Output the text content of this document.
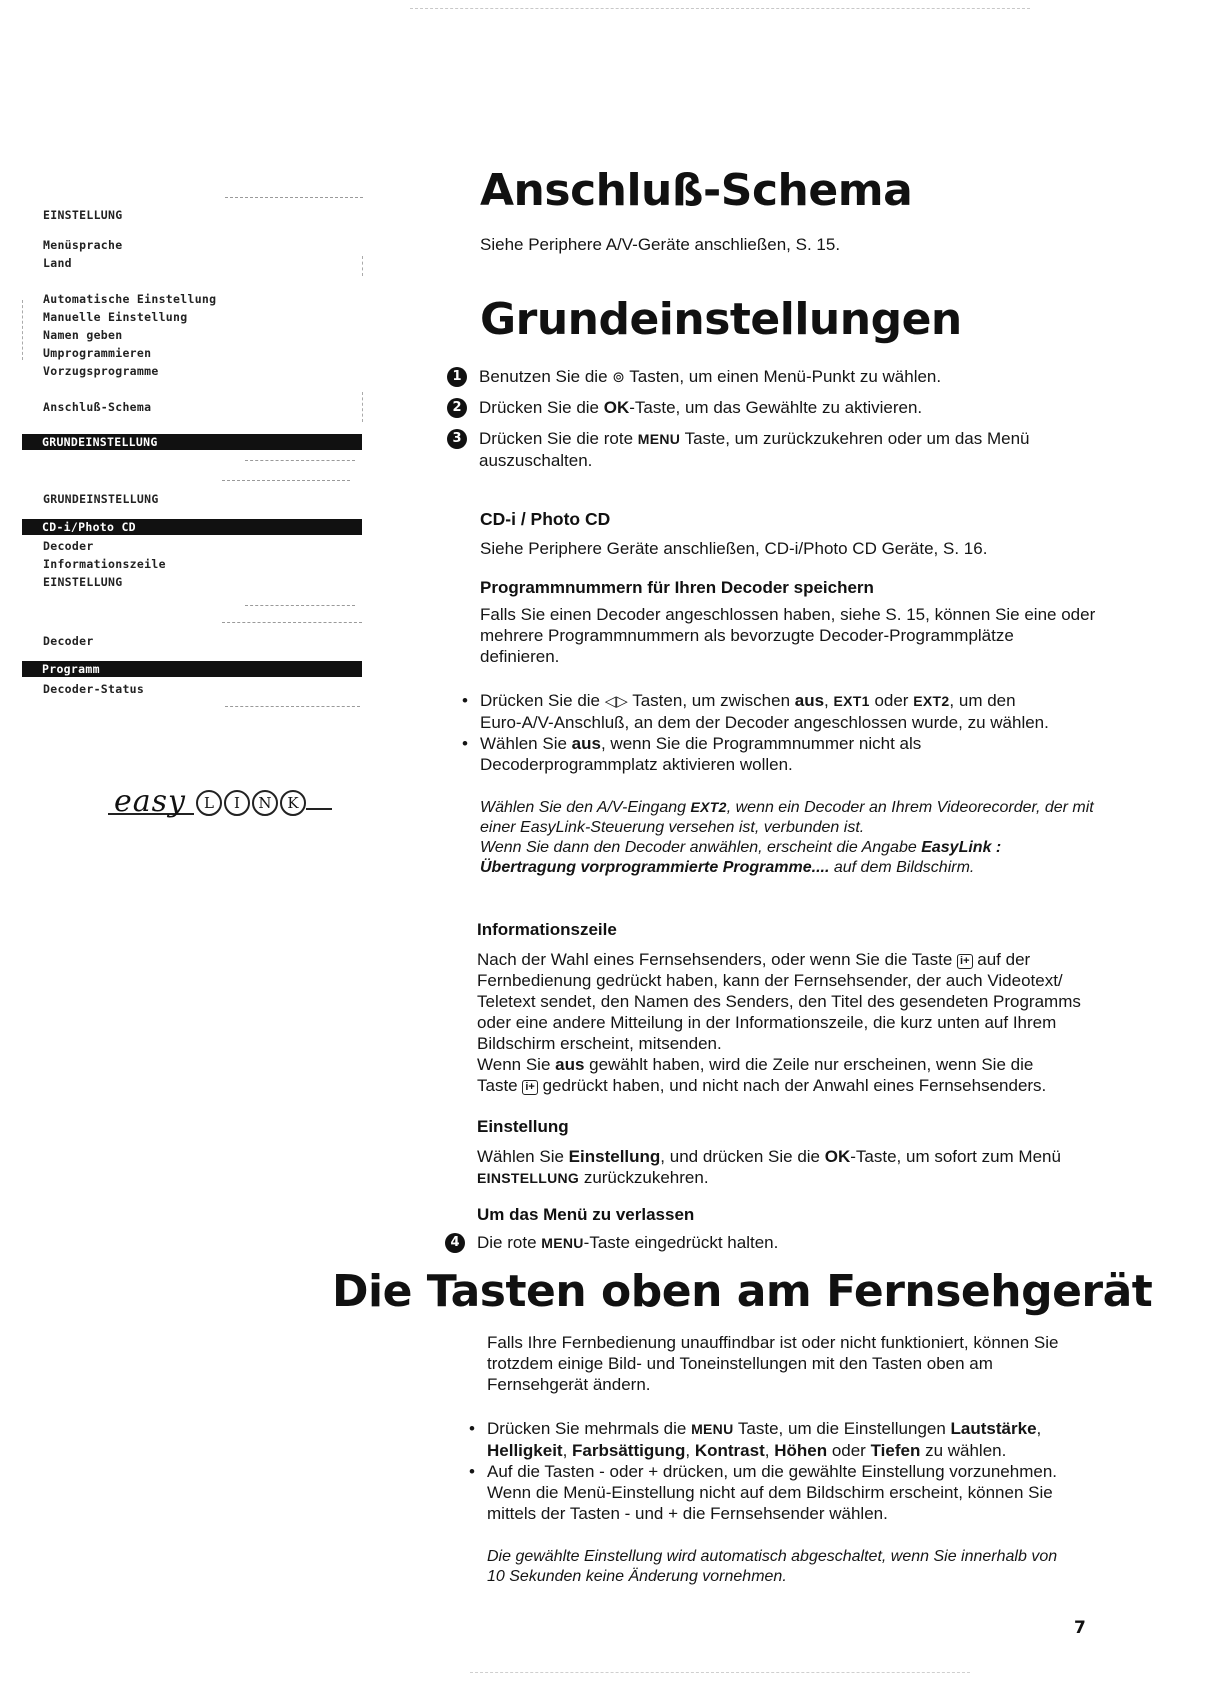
EINSTELLUNG
Menüsprache
Land
Automatische Einstellung
Manuelle Einstellung
Namen geben
Umprogrammieren
Vorzugsprogramme
Anschluß-Schema
GRUNDEINSTELLUNG
GRUNDEINSTELLUNG
CD-i/Photo CD
Decoder
Informationszeile
EINSTELLUNG
Decoder
Programm
Decoder-Status
easy	L	I	N	K
Anschluß-Schema
Siehe Periphere A/V-Geräte anschließen, S. 15.
Grundeinstellungen
1	Benutzen Sie die ⊚ Tasten, um einen Menü-Punkt zu wählen.
2	Drücken Sie die OK-Taste, um das Gewählte zu aktivieren.
3	Drücken Sie die rote MENU Taste, um zurückzukehren oder um das Menü
auszuschalten.
CD-i / Photo CD
Siehe Periphere Geräte anschließen, CD-i/Photo CD Geräte, S. 16.
Programmnummern für Ihren Decoder speichern
Falls Sie einen Decoder angeschlossen haben, siehe S. 15, können Sie eine oder
mehrere Programmnummern als bevorzugte Decoder-Programmplätze
definieren.
• Drücken Sie die ◁▷ Tasten, um zwischen aus, EXT1 oder EXT2, um den
Euro-A/V-Anschluß, an dem der Decoder angeschlossen wurde, zu wählen.
• Wählen Sie aus, wenn Sie die Programmnummer nicht als
Decoderprogrammplatz aktivieren wollen.
Wählen Sie den A/V-Eingang EXT2, wenn ein Decoder an Ihrem Videorecorder, der mit
einer EasyLink-Steuerung versehen ist, verbunden ist.
Wenn Sie dann den Decoder anwählen, erscheint die Angabe EasyLink :
Übertragung vorprogrammierte Programme.... auf dem Bildschirm.
Informationszeile
Nach der Wahl eines Fernsehsenders, oder wenn Sie die Taste i+ auf der
Fernbedienung gedrückt haben, kann der Fernsehsender, der auch Videotext/
Teletext sendet, den Namen des Senders, den Titel des gesendeten Programms
oder eine andere Mitteilung in der Informationszeile, die kurz unten auf Ihrem
Bildschirm erscheint, mitsenden.
Wenn Sie aus gewählt haben, wird die Zeile nur erscheinen, wenn Sie die
Taste i+ gedrückt haben, und nicht nach der Anwahl eines Fernsehsenders.
Einstellung
Wählen Sie Einstellung, und drücken Sie die OK-Taste, um sofort zum Menü
EINSTELLUNG zurückzukehren.
Um das Menü zu verlassen
4	Die rote MENU-Taste eingedrückt halten.
Die Tasten oben am Fernsehgerät
Falls Ihre Fernbedienung unauffindbar ist oder nicht funktioniert, können Sie
trotzdem einige Bild- und Toneinstellungen mit den Tasten oben am
Fernsehgerät ändern.
• Drücken Sie mehrmals die MENU Taste, um die Einstellungen Lautstärke,
Helligkeit, Farbsättigung, Kontrast, Höhen oder Tiefen zu wählen.
• Auf die Tasten - oder + drücken, um die gewählte Einstellung vorzunehmen.
Wenn die Menü-Einstellung nicht auf dem Bildschirm erscheint, können Sie
mittels der Tasten - und + die Fernsehsender wählen.
Die gewählte Einstellung wird automatisch abgeschaltet, wenn Sie innerhalb von
10 Sekunden keine Änderung vornehmen.
7
